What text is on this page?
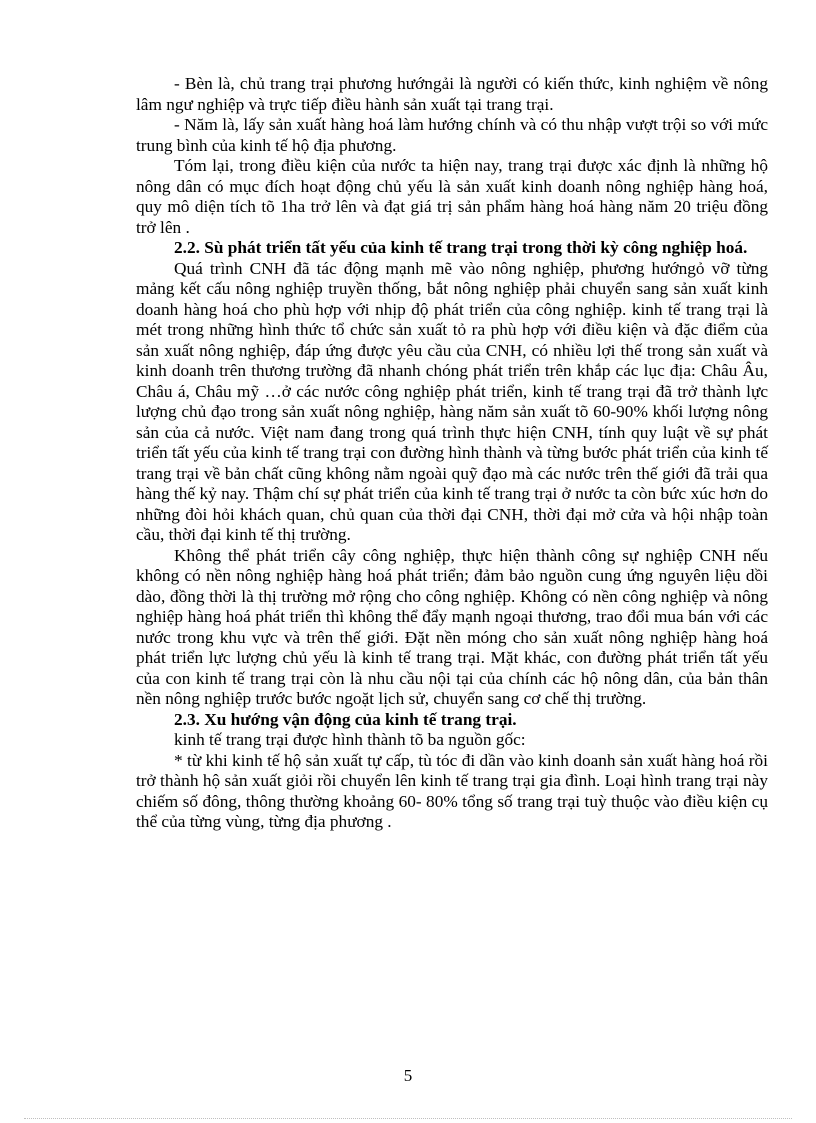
- Bèn là, chủ trang trại phương hướngải là người có kiến thức, kinh nghiệm về nông lâm ngư nghiệp và trực tiếp điều hành sản xuất tại trang trại.

- Năm là, lấy sản xuất hàng hoá làm hướng chính và có thu nhập vượt trội so với mức trung bình của kinh tế hộ địa phương.

Tóm lại, trong điều kiện của nước ta hiện nay, trang trại được xác định là những hộ nông dân có mục đích hoạt động chủ yếu là sản xuất kinh doanh nông nghiệp hàng hoá, quy mô diện tích tõ 1ha trở lên và đạt giá trị sản phẩm hàng hoá hàng năm 20 triệu đồng trở lên .

2.2. Sù phát triển tất yếu của kinh tế trang trại trong thời kỳ công nghiệp hoá.

Quá trình CNH đã tác động mạnh mẽ vào nông nghiệp, phương hướngỏ vỡ từng mảng kết cấu nông nghiệp truyền thống, bắt nông nghiệp phải chuyển sang sản xuất kinh doanh hàng hoá cho phù hợp với nhịp độ phát triển của công nghiệp. kinh tế trang trại là mét trong những hình thức tổ chức sản xuất tỏ ra phù hợp với điều kiện và đặc điểm của sản xuất nông nghiệp, đáp ứng được yêu cầu của CNH, có nhiều lợi thế trong sản xuất và kinh doanh trên thương trường đã nhanh chóng phát triển trên khắp các lục địa: Châu Âu, Châu á, Châu mỹ …ở các nước công nghiệp phát triển, kinh tế trang trại đã trở thành lực lượng chủ đạo trong sản xuất nông nghiệp, hàng năm sản xuất tõ 60-90% khối lượng nông sản của cả nước. Việt nam đang trong quá trình thực hiện CNH, tính quy luật về sự phát triển tất yếu của kinh tế trang trại con đường hình thành và từng bước phát triển của kinh tế trang trại về bản chất cũng không nằm ngoài quỹ đạo mà các nước trên thế giới đã trải qua hàng thế kỷ nay. Thậm chí sự phát triển của kinh tế trang trại ở nước ta còn bức xúc hơn do những đòi hỏi khách quan, chủ quan của thời đại CNH, thời đại mở cửa và hội nhập toàn cầu, thời đại kinh tế thị trường.

Không thể phát triển cây công nghiệp, thực hiện thành công sự nghiệp CNH nếu không có nền nông nghiệp hàng hoá phát triển; đảm bảo nguồn cung ứng nguyên liệu dồi dào, đồng thời là thị trường mở rộng cho công nghiệp. Không có nền công nghiệp và nông nghiệp hàng hoá phát triển thì không thể đẩy mạnh ngoại thương, trao đổi mua bán với các nước trong khu vực và trên thế giới. Đặt nền móng cho sản xuất nông nghiệp hàng hoá phát triển lực lượng chủ yếu là kinh tế trang trại. Mặt khác, con đường phát triển tất yếu của con kinh tế trang trại còn là nhu cầu nội tại của chính các hộ nông dân, của bản thân nền nông nghiệp trước bước ngoặt lịch sử, chuyển sang cơ chế thị trường.

2.3. Xu hướng vận động của kinh tế trang trại.

kinh tế trang trại được hình thành tõ ba nguồn gốc:

* từ khi kinh tế hộ sản xuất tự cấp, tù tóc đi dần vào kinh doanh sản xuất hàng hoá rồi trở thành hộ sản xuất giỏi rồi chuyển lên kinh tế trang trại gia đình. Loại hình trang trại này chiếm số đông, thông thường khoảng 60- 80% tổng số trang trại tuỳ thuộc vào điều kiện cụ thể của từng vùng, từng địa phương .

5
